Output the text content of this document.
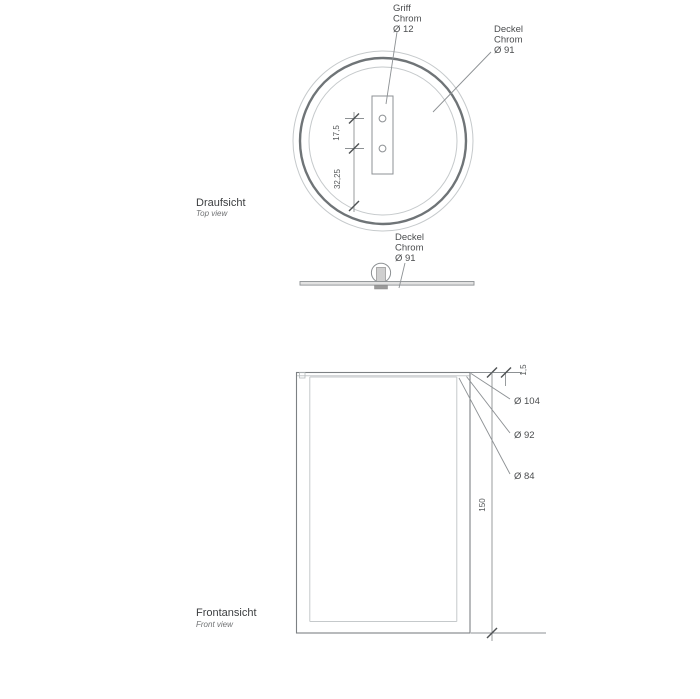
17,5
32,25
Griff
Chrom
Ø 12	Deckel
Chrom
Ø 91
Draufsicht
Top view
Deckel
Chrom
Ø 91
Ø 104
Ø 92
Ø 84
1,5
150
Frontansicht
Front view
